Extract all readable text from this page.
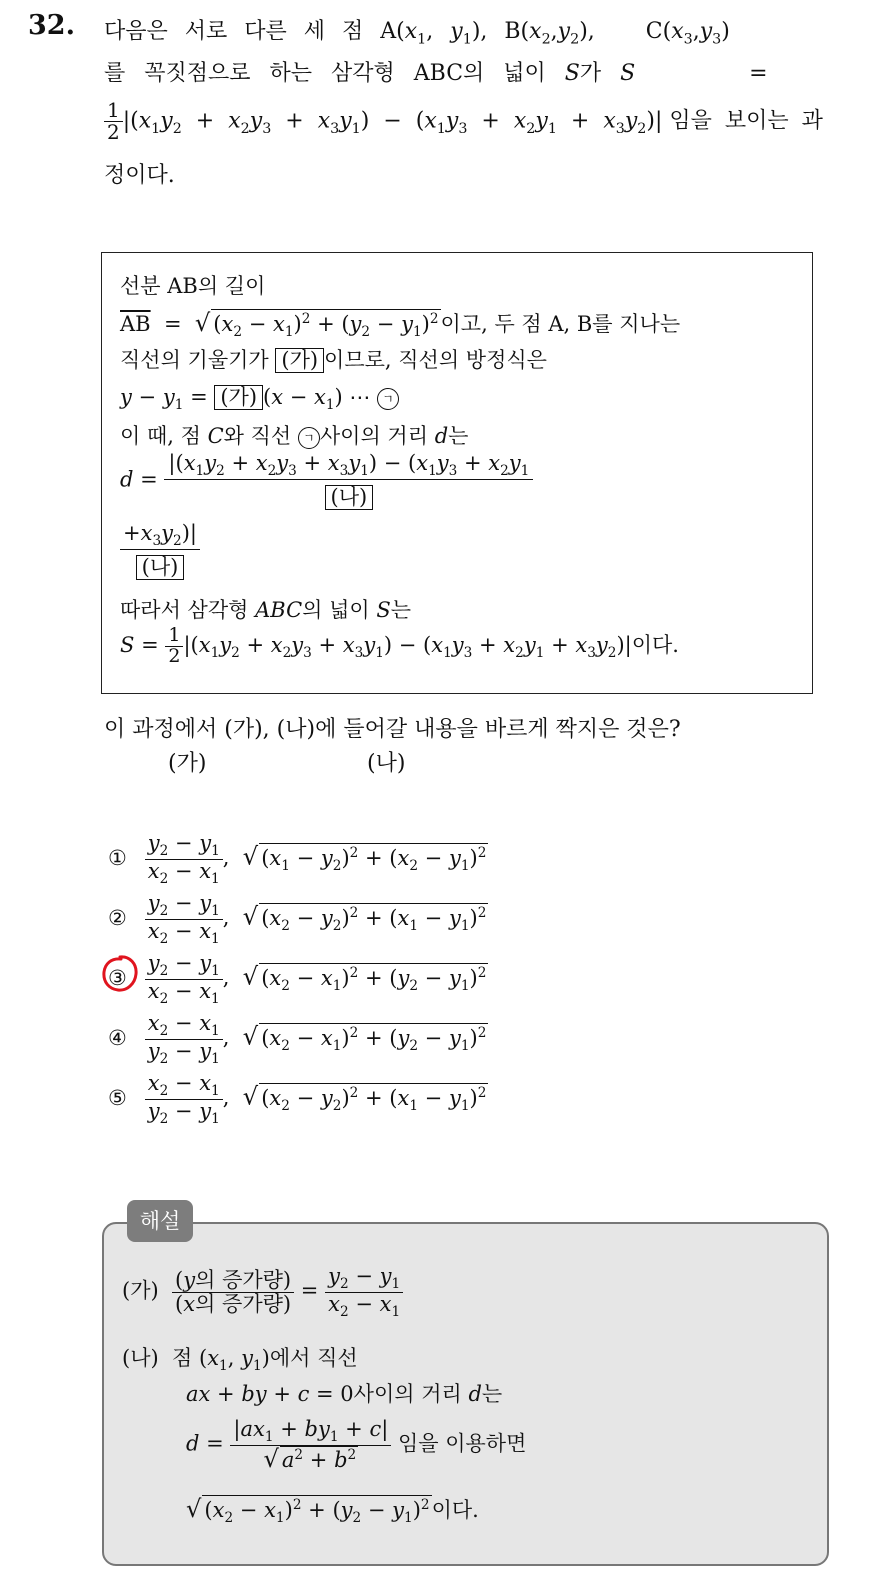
32. 다음은 서로 다른 세 점 $A(x_1$, $y_1$), $B(x_2,y_2)$,   $C(x_3,y_3)$
를 꼭짓점으로 하는 삼각형 ABC의 넓이 S가 S      =
$\frac{1}{2} |(x_1y_2 + x_2y_3 + x_3y_1) - (x_1y_3 + x_2y_1 + x_3y_2)|$ 임을 보이는 과
정이다.
선분 AB의 길이
$\overline{AB}$  =  √ $(x_2 - x_1)^2 + (y_2 - y_1)^2$이고, 두 점 A, B를 지나는
직선의 기울기가 (가) 이므로, 직선의 방정식은
$y - y_1$ = (가) $(x - x_1)$ ⋯ ㄱ
이 때, 점 C와 직선 ㄱ 사이의 거리 d는
$d = \frac{|(x_1y_2 + x_2y_3 + x_3y_1) - (x_1y_3 + x_2y_1}{\text{(나)}}$
$\frac{+x_3y_2)|}{\text{(나)}}$
따라서 삼각형 ABC의 넓이 S는
$S = \frac{1}{2} |(x_1y_2 + x_2y_3 + x_3y_1) - (x_1y_3 + x_2y_1 + x_3y_2)|$이다.
이 과정에서 (가), (나)에 들어갈 내용을 바르게 짝지은 것은?
(가)	(나)
① $\frac{y_2 - y_1}{x_2 - x_1}$ ,  √ $(x_1 - y_2)^2 + (x_2 - y_1)^2$
② $\frac{y_2 - y_1}{x_2 - x_1}$ ,  √ $(x_2 - y_2)^2 + (x_1 - y_1)^2$
③ $\frac{y_2 - y_1}{x_2 - x_1}$ ,  √ $(x_2 - x_1)^2 + (y_2 - y_1)^2$
④ $\frac{x_2 - x_1}{y_2 - y_1}$ ,  √ $(x_2 - x_1)^2 + (y_2 - y_1)^2$
⑤ $\frac{x_2 - x_1}{y_2 - y_1}$ ,  √ $(x_2 - y_2)^2 + (x_1 - y_1)^2$
해설
(가) $\frac{\text{(y의 증가량)}}{\text{(x의 증가량)}} = \frac{y_2 - y_1}{x_2 - x_1}$
(나) 점 ($x_1$, $y_1$)에서 직선
ax + by + c = 0사이의 거리 d는
$d = \frac{|ax_1 + by_1 + c|}{√ a^2 + b^2}$ 임을 이용하면
√ $(x_2 - x_1)^2 + (y_2 - y_1)^2$이다.
